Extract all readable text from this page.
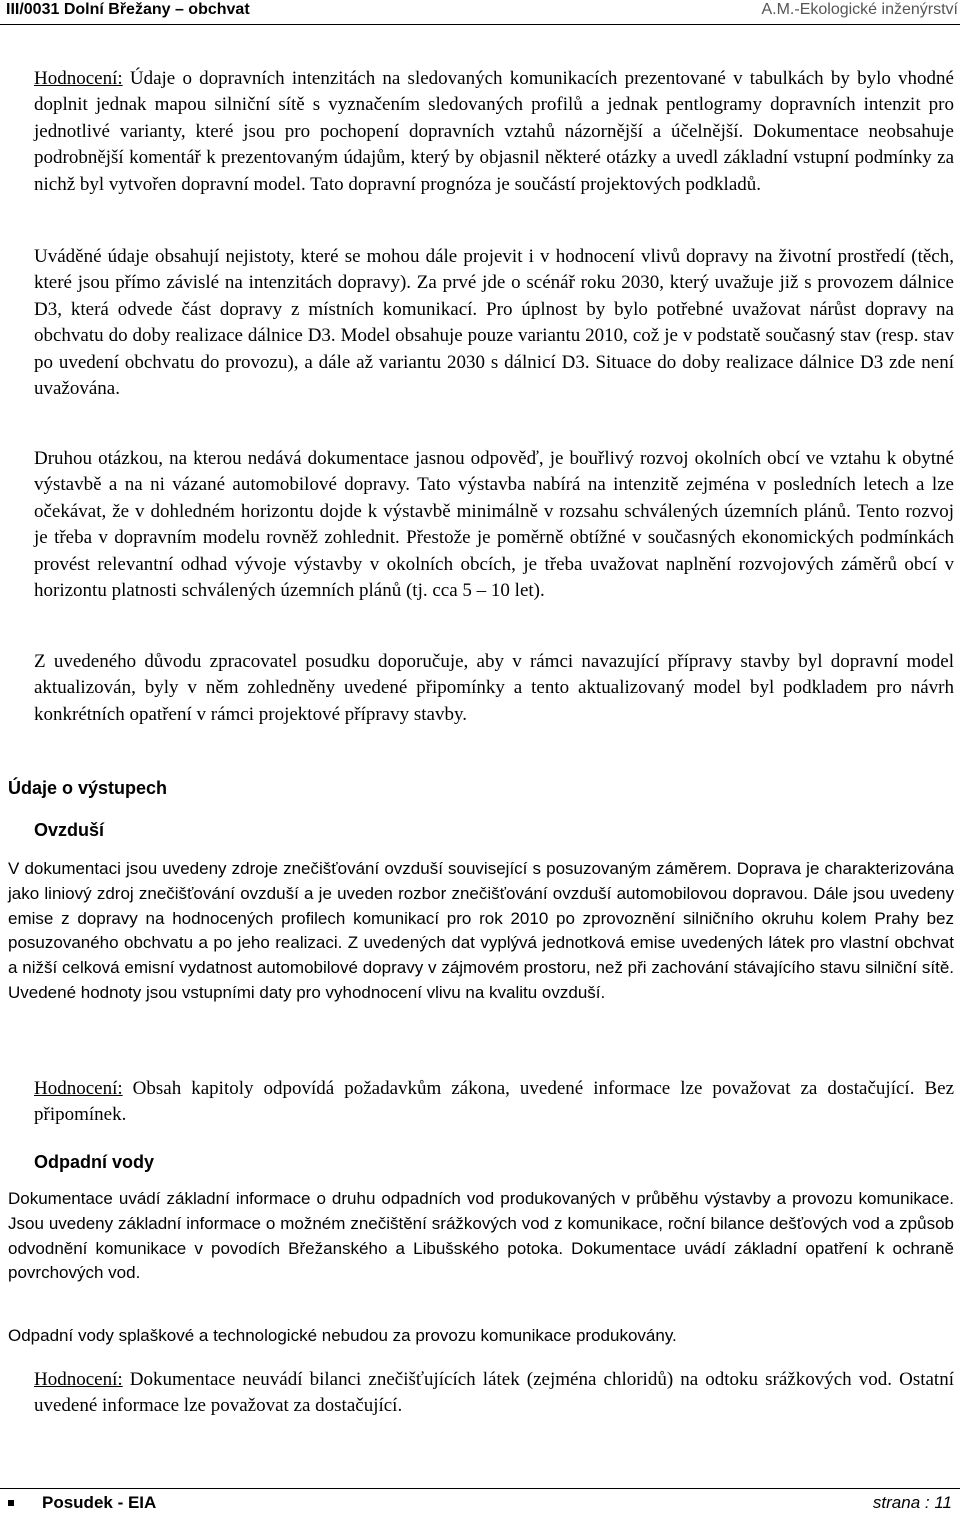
III/0031 Dolní Břežany – obchvat	A.M.-Ekologické inženýrství

Hodnocení: Údaje o dopravních intenzitách na sledovaných komunikacích prezentované v tabulkách by bylo vhodné doplnit jednak mapou silniční sítě s vyznačením sledovaných profilů a jednak pentlogramy dopravních intenzit pro jednotlivé varianty, které jsou pro pochopení dopravních vztahů názornější a účelnější. Dokumentace neobsahuje podrobnější komentář k prezentovaným údajům, který by objasnil některé otázky a uvedl základní vstupní podmínky za nichž byl vytvořen dopravní model. Tato dopravní prognóza je součástí projektových podkladů.

Uváděné údaje obsahují nejistoty, které se mohou dále projevit i v hodnocení vlivů dopravy na životní prostředí (těch, které jsou přímo závislé na intenzitách dopravy). Za prvé jde o scénář roku 2030, který uvažuje již s provozem dálnice D3, která odvede část dopravy z místních komunikací. Pro úplnost by bylo potřebné uvažovat nárůst dopravy na obchvatu do doby realizace dálnice D3. Model obsahuje pouze variantu 2010, což je v podstatě současný stav (resp. stav po uvedení obchvatu do provozu), a dále až variantu 2030 s dálnicí D3. Situace do doby realizace dálnice D3 zde není uvažována.

Druhou otázkou, na kterou nedává dokumentace jasnou odpověď, je bouřlivý rozvoj okolních obcí ve vztahu k obytné výstavbě a na ni vázané automobilové dopravy. Tato výstavba nabírá na intenzitě zejména v posledních letech a lze očekávat, že v dohledném horizontu dojde k výstavbě minimálně v rozsahu schválených územních plánů. Tento rozvoj je třeba v dopravním modelu rovněž zohlednit. Přestože je poměrně obtížné v současných ekonomických podmínkách provést relevantní odhad vývoje výstavby v okolních obcích, je třeba uvažovat naplnění rozvojových záměrů obcí v horizontu platnosti schválených územních plánů (tj. cca 5 – 10 let).

Z uvedeného důvodu zpracovatel posudku doporučuje, aby v rámci navazující přípravy stavby byl dopravní model aktualizován, byly v něm zohledněny uvedené připomínky a tento aktualizovaný model byl podkladem pro návrh konkrétních opatření v rámci projektové přípravy stavby.

Údaje o výstupech
Ovzduší

V dokumentaci jsou uvedeny zdroje znečišťování ovzduší související s posuzovaným záměrem. Doprava je charakterizována jako liniový zdroj znečišťování ovzduší a je uveden rozbor znečišťování ovzduší automobilovou dopravou. Dále jsou uvedeny emise z dopravy na hodnocených profilech komunikací pro rok 2010 po zprovoznění silničního okruhu kolem Prahy bez posuzovaného obchvatu a po jeho realizaci. Z uvedených dat vyplývá jednotková emise uvedených látek pro vlastní obchvat a nižší celková emisní vydatnost automobilové dopravy v zájmovém prostoru, než při zachování stávajícího stavu silniční sítě. Uvedené hodnoty jsou vstupními daty pro vyhodnocení vlivu na kvalitu ovzduší.

Hodnocení: Obsah kapitoly odpovídá požadavkům zákona, uvedené informace lze považovat za dostačující. Bez připomínek.

Odpadní vody

Dokumentace uvádí základní informace o druhu odpadních vod produkovaných v průběhu výstavby a provozu komunikace. Jsou uvedeny základní informace o možném znečištění srážkových vod z komunikace, roční bilance dešťových vod a způsob odvodnění komunikace v povodích Břežanského a Libušského potoka. Dokumentace uvádí základní opatření k ochraně povrchových vod.

Odpadní vody splaškové a technologické nebudou za provozu komunikace produkovány.

Hodnocení: Dokumentace neuvádí bilanci znečišťujících látek (zejména chloridů) na odtoku srážkových vod. Ostatní uvedené informace lze považovat za dostačující.

Posudek - EIA	strana : 11
